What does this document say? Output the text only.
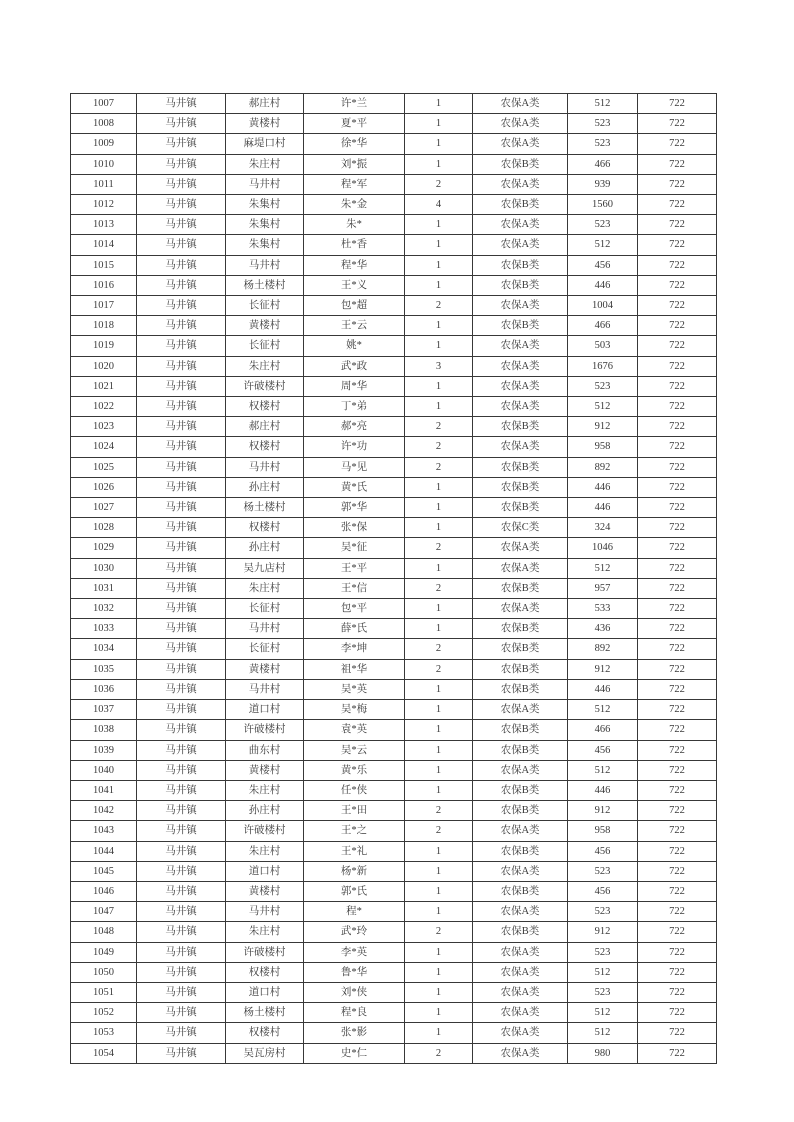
1007	马井镇	郝庄村	许*兰	1	农保A类	512	722
1008	马井镇	黄楼村	夏*平	1	农保A类	523	722
1009	马井镇	麻堤口村	徐*华	1	农保A类	523	722
1010	马井镇	朱庄村	刘*振	1	农保B类	466	722
1011	马井镇	马井村	程*军	2	农保A类	939	722
1012	马井镇	朱集村	朱*金	4	农保B类	1560	722
1013	马井镇	朱集村	朱*	1	农保A类	523	722
1014	马井镇	朱集村	杜*香	1	农保A类	512	722
1015	马井镇	马井村	程*华	1	农保B类	456	722
1016	马井镇	杨土楼村	王*义	1	农保B类	446	722
1017	马井镇	长征村	包*超	2	农保A类	1004	722
1018	马井镇	黄楼村	王*云	1	农保B类	466	722
1019	马井镇	长征村	姚*	1	农保A类	503	722
1020	马井镇	朱庄村	武*政	3	农保A类	1676	722
1021	马井镇	许破楼村	周*华	1	农保A类	523	722
1022	马井镇	权楼村	丁*弟	1	农保A类	512	722
1023	马井镇	郝庄村	郝*亮	2	农保B类	912	722
1024	马井镇	权楼村	许*功	2	农保A类	958	722
1025	马井镇	马井村	马*见	2	农保B类	892	722
1026	马井镇	孙庄村	黄*氏	1	农保B类	446	722
1027	马井镇	杨土楼村	郭*华	1	农保B类	446	722
1028	马井镇	权楼村	张*保	1	农保C类	324	722
1029	马井镇	孙庄村	吴*征	2	农保A类	1046	722
1030	马井镇	吴九店村	王*平	1	农保A类	512	722
1031	马井镇	朱庄村	王*信	2	农保B类	957	722
1032	马井镇	长征村	包*平	1	农保A类	533	722
1033	马井镇	马井村	薛*氏	1	农保B类	436	722
1034	马井镇	长征村	李*坤	2	农保B类	892	722
1035	马井镇	黄楼村	祖*华	2	农保B类	912	722
1036	马井镇	马井村	吴*英	1	农保B类	446	722
1037	马井镇	道口村	吴*梅	1	农保A类	512	722
1038	马井镇	许破楼村	袁*英	1	农保B类	466	722
1039	马井镇	曲东村	吴*云	1	农保B类	456	722
1040	马井镇	黄楼村	黄*乐	1	农保A类	512	722
1041	马井镇	朱庄村	任*侠	1	农保B类	446	722
1042	马井镇	孙庄村	王*田	2	农保B类	912	722
1043	马井镇	许破楼村	王*之	2	农保A类	958	722
1044	马井镇	朱庄村	王*礼	1	农保B类	456	722
1045	马井镇	道口村	杨*新	1	农保A类	523	722
1046	马井镇	黄楼村	郭*氏	1	农保B类	456	722
1047	马井镇	马井村	程*	1	农保A类	523	722
1048	马井镇	朱庄村	武*玲	2	农保B类	912	722
1049	马井镇	许破楼村	李*英	1	农保A类	523	722
1050	马井镇	权楼村	鲁*华	1	农保A类	512	722
1051	马井镇	道口村	刘*侠	1	农保A类	523	722
1052	马井镇	杨土楼村	程*良	1	农保A类	512	722
1053	马井镇	权楼村	张*影	1	农保A类	512	722
1054	马井镇	吴瓦房村	史*仁	2	农保A类	980	722
